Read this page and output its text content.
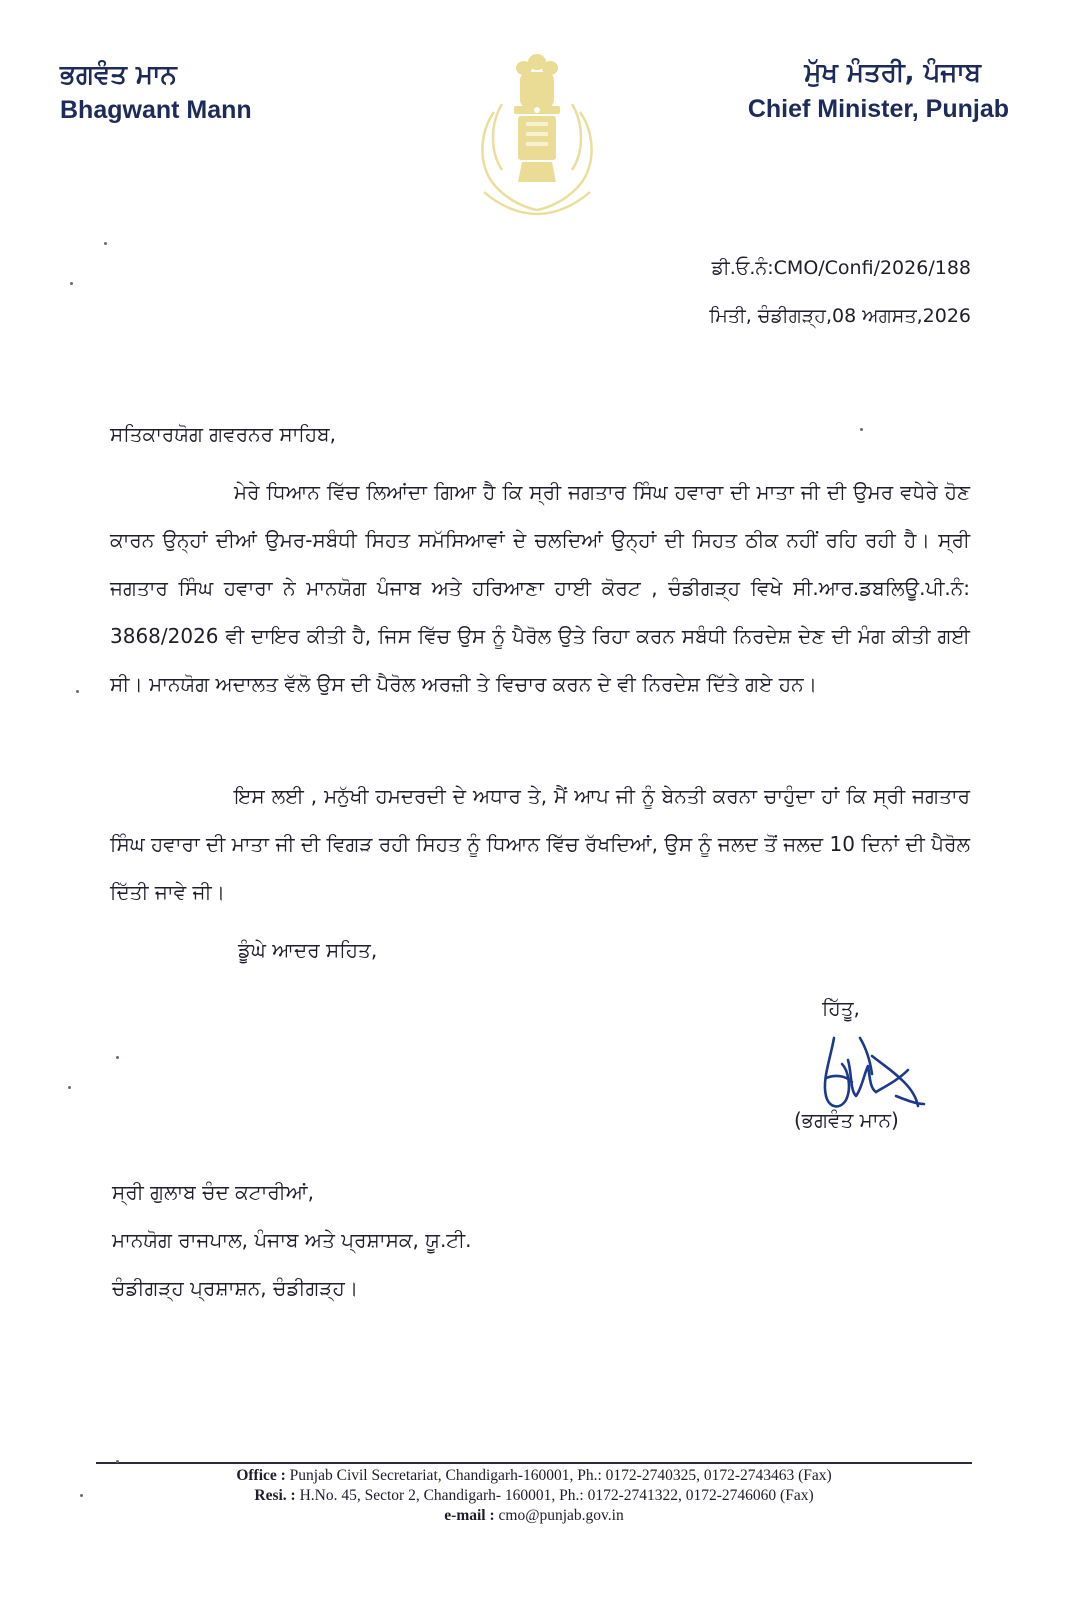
ਭਗਵੰਤ ਮਾਨ
Bhagwant Mann
ਮੁੱਖ ਮੰਤਰੀ, ਪੰਜਾਬ
Chief Minister, Punjab
ਡੀ.ਓ.ਨੰ:CMO/Confi/2026/188
ਮਿਤੀ, ਚੰਡੀਗੜ੍ਹ,08 ਅਗਸਤ,2026
ਸਤਿਕਾਰਯੋਗ ਗਵਰਨਰ ਸਾਹਿਬ,
ਮੇਰੇ ਧਿਆਨ ਵਿੱਚ ਲਿਆਂਦਾ ਗਿਆ ਹੈ ਕਿ ਸ੍ਰੀ ਜਗਤਾਰ ਸਿੰਘ ਹਵਾਰਾ ਦੀ ਮਾਤਾ ਜੀ ਦੀ ਉਮਰ ਵਧੇਰੇ ਹੋਣ ਕਾਰਨ ਉਨ੍ਹਾਂ ਦੀਆਂ ਉਮਰ-ਸਬੰਧੀ ਸਿਹਤ ਸਮੱਸਿਆਵਾਂ ਦੇ ਚਲਦਿਆਂ ਉਨ੍ਹਾਂ ਦੀ ਸਿਹਤ ਠੀਕ ਨਹੀਂ ਰਹਿ ਰਹੀ ਹੈ। ਸ੍ਰੀ ਜਗਤਾਰ ਸਿੰਘ ਹਵਾਰਾ ਨੇ ਮਾਨਯੋਗ ਪੰਜਾਬ ਅਤੇ ਹਰਿਆਣਾ ਹਾਈ ਕੋਰਟ , ਚੰਡੀਗੜ੍ਹ ਵਿਖੇ ਸੀ.ਆਰ.ਡਬਲਿਊ.ਪੀ.ਨੰ: 3868/2026 ਵੀ ਦਾਇਰ ਕੀਤੀ ਹੈ, ਜਿਸ ਵਿੱਚ ਉਸ ਨੂੰ ਪੈਰੋਲ ਉਤੇ ਰਿਹਾ ਕਰਨ ਸਬੰਧੀ ਨਿਰਦੇਸ਼ ਦੇਣ ਦੀ ਮੰਗ ਕੀਤੀ ਗਈ ਸੀ। ਮਾਨਯੋਗ ਅਦਾਲਤ ਵੱਲੋ ਉਸ ਦੀ ਪੈਰੋਲ ਅਰਜ਼ੀ ਤੇ ਵਿਚਾਰ ਕਰਨ ਦੇ ਵੀ ਨਿਰਦੇਸ਼ ਦਿੱਤੇ ਗਏ ਹਨ।
ਇਸ ਲਈ , ਮਨੁੱਖੀ ਹਮਦਰਦੀ ਦੇ ਅਧਾਰ ਤੇ, ਮੈਂ ਆਪ ਜੀ ਨੂੰ ਬੇਨਤੀ ਕਰਨਾ ਚਾਹੁੰਦਾ ਹਾਂ ਕਿ ਸ੍ਰੀ ਜਗਤਾਰ ਸਿੰਘ ਹਵਾਰਾ ਦੀ ਮਾਤਾ ਜੀ ਦੀ ਵਿਗੜ ਰਹੀ ਸਿਹਤ ਨੂੰ ਧਿਆਨ ਵਿੱਚ ਰੱਖਦਿਆਂ, ਉਸ ਨੂੰ ਜਲਦ ਤੋਂ ਜਲਦ 10 ਦਿਨਾਂ ਦੀ ਪੈਰੋਲ ਦਿੱਤੀ ਜਾਵੇ ਜੀ।
ਡੂੰਘੇ ਆਦਰ ਸਹਿਤ,
ਹਿੱਤੂ,
(ਭਗਵੰਤ ਮਾਨ)
ਸ੍ਰੀ ਗੁਲਾਬ ਚੰਦ ਕਟਾਰੀਆਂ,
ਮਾਨਯੋਗ ਰਾਜਪਾਲ, ਪੰਜਾਬ ਅਤੇ ਪ੍ਰਸ਼ਾਸਕ, ਯੂ.ਟੀ.
ਚੰਡੀਗੜ੍ਹ ਪ੍ਰਸ਼ਾਸ਼ਨ, ਚੰਡੀਗੜ੍ਹ।
Office : Punjab Civil Secretariat, Chandigarh-160001, Ph.: 0172-2740325, 0172-2743463 (Fax)
Resi. : H.No. 45, Sector 2, Chandigarh- 160001, Ph.: 0172-2741322, 0172-2746060 (Fax)
e-mail : cmo@punjab.gov.in
